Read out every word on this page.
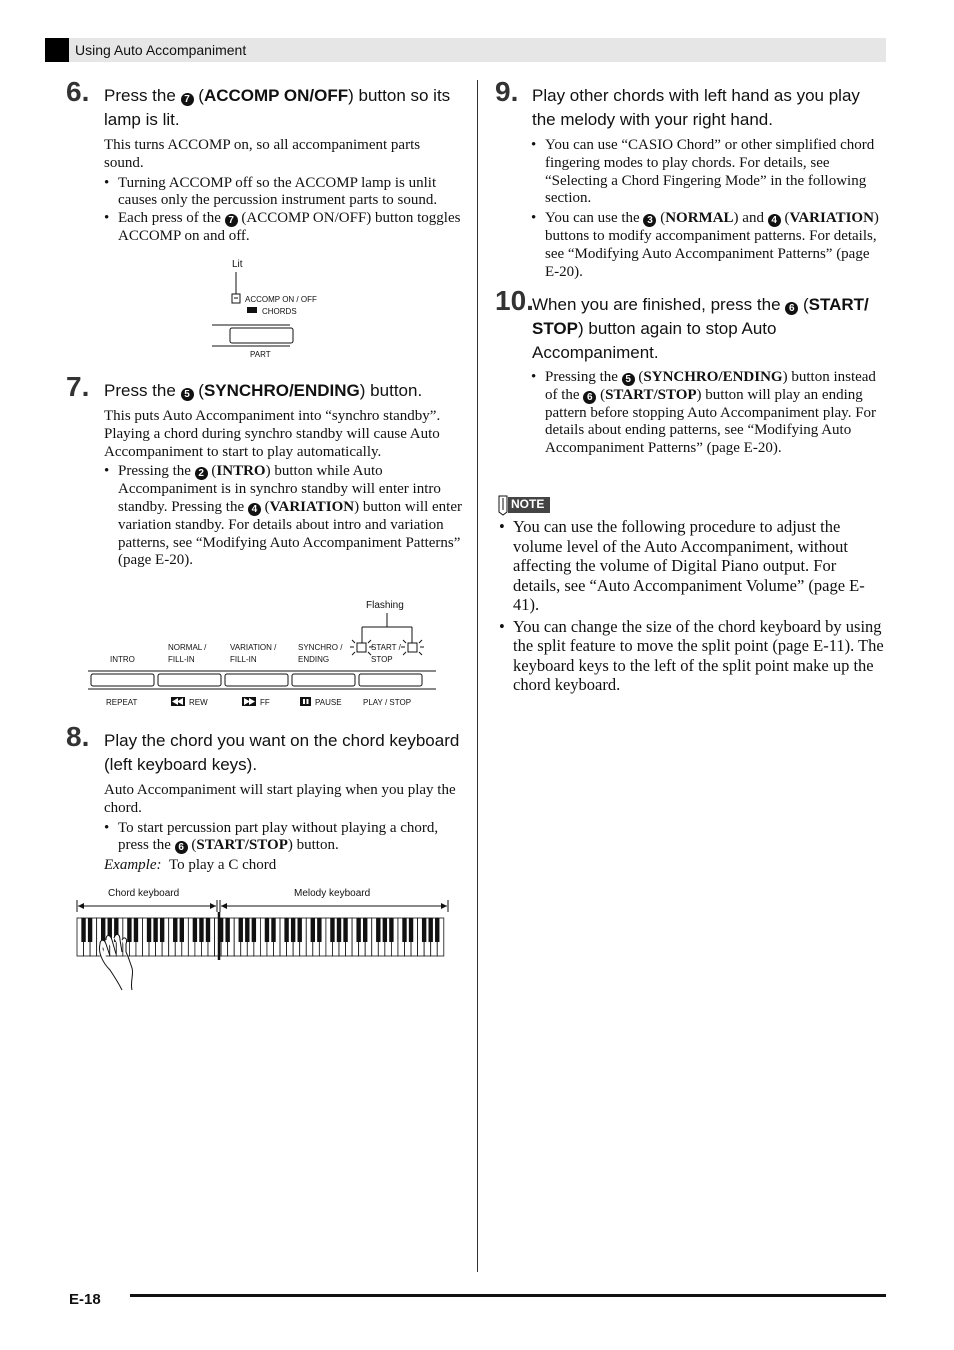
Using Auto Accompaniment
6. Press the 7 (ACCOMP ON/OFF) button so its lamp is lit.
This turns ACCOMP on, so all accompaniment parts sound.
• Turning ACCOMP off so the ACCOMP lamp is unlit causes only the percussion instrument parts to sound.
• Each press of the 7 (ACCOMP ON/OFF) button toggles ACCOMP on and off.
Lit
ACCOMP ON / OFF
CHORDS
PART
7. Press the 5 (SYNCHRO/ENDING) button.
This puts Auto Accompaniment into “synchro standby”. Playing a chord during synchro standby will cause Auto Accompaniment to start to play automatically.
• Pressing the 2 (INTRO) button while Auto Accompaniment is in synchro standby will enter intro standby. Pressing the 4 (VARIATION) button will enter variation standby. For details about intro and variation patterns, see “Modifying Auto Accompaniment Patterns” (page E-20).
Flashing
INTRO
NORMAL /
FILL-IN
VARIATION /
FILL-IN
SYNCHRO /
ENDING
START /
STOP
REPEAT	REW	FF	PAUSE	PLAY / STOP
8. Play the chord you want on the chord keyboard (left keyboard keys).
Auto Accompaniment will start playing when you play the chord.
• To start percussion part play without playing a chord, press the 6 (START/STOP) button.
Example: To play a C chord
Chord keyboard	Melody keyboard
9. Play other chords with left hand as you play the melody with your right hand.
• You can use “CASIO Chord” or other simplified chord fingering modes to play chords. For details, see “Selecting a Chord Fingering Mode” in the following section.
• You can use the 3 (NORMAL) and 4 (VARIATION) buttons to modify accompaniment patterns. For details, see “Modifying Auto Accompaniment Patterns” (page E-20).
10.
When you are finished, press the 6 (START/ STOP) button again to stop Auto Accompaniment.
• Pressing the 5 (SYNCHRO/ENDING) button instead of the 6 (START/STOP) button will play an ending pattern before stopping Auto Accompaniment play. For details about ending patterns, see “Modifying Auto Accompaniment Patterns” (page E-20).
NOTE
• You can use the following procedure to adjust the volume level of the Auto Accompaniment, without affecting the volume of Digital Piano output. For details, see “Auto Accompaniment Volume” (page E-41).
• You can change the size of the chord keyboard by using the split feature to move the split point (page E-11). The keyboard keys to the left of the split point make up the chord keyboard.
E-18
